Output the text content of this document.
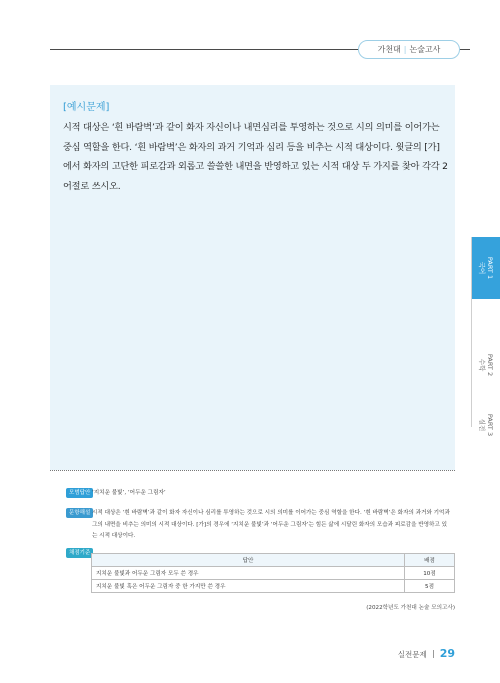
가천대 | 논술고사
[예시문제]
시적 대상은 ‘흰 바람벽’과 같이 화자 자신이나 내면심리를 투영하는 것으로 시의 의미를 이어가는 중심 역할을 한다. ‘흰 바람벽’은 화자의 과거 기억과 심리 등을 비추는 시적 대상이다. 윗글의 [가]에서 화자의 고단한 피로감과 외롭고 쓸쓸한 내면을 반영하고 있는 시적 대상 두 가지를 찾아 각각 2어절로 쓰시오.
PART 1
국어
PART 2
수학
PART 3
실전
모범답안 ‘지치운 불빛’, ‘어두운 그림자’
문항해설 시적 대상은 ‘흰 바람벽’과 같이 화자 자신이나 심리를 투영하는 것으로 시의 의미를 이어가는 중심 역할을 한다. ‘흰 바람벽’은 화자의 과거와 기억과 그의 내면을 비추는 의미의 시적 대상이다. [가]의 경우에 ‘지치운 불빛’과 ‘어두운 그림자’는 힘든 삶에 시달린 화자의 모습과 피로감을 반영하고 있는 시적 대상이다.
채점기준
답안	배점
지치운 불빛과 어두운 그림자 모두 쓴 경우	10점
지치운 불빛 혹은 어두운 그림자 중 한 가지만 쓴 경우	5점
(2022학년도 가천대 논술 모의고사)
실전문제 29
